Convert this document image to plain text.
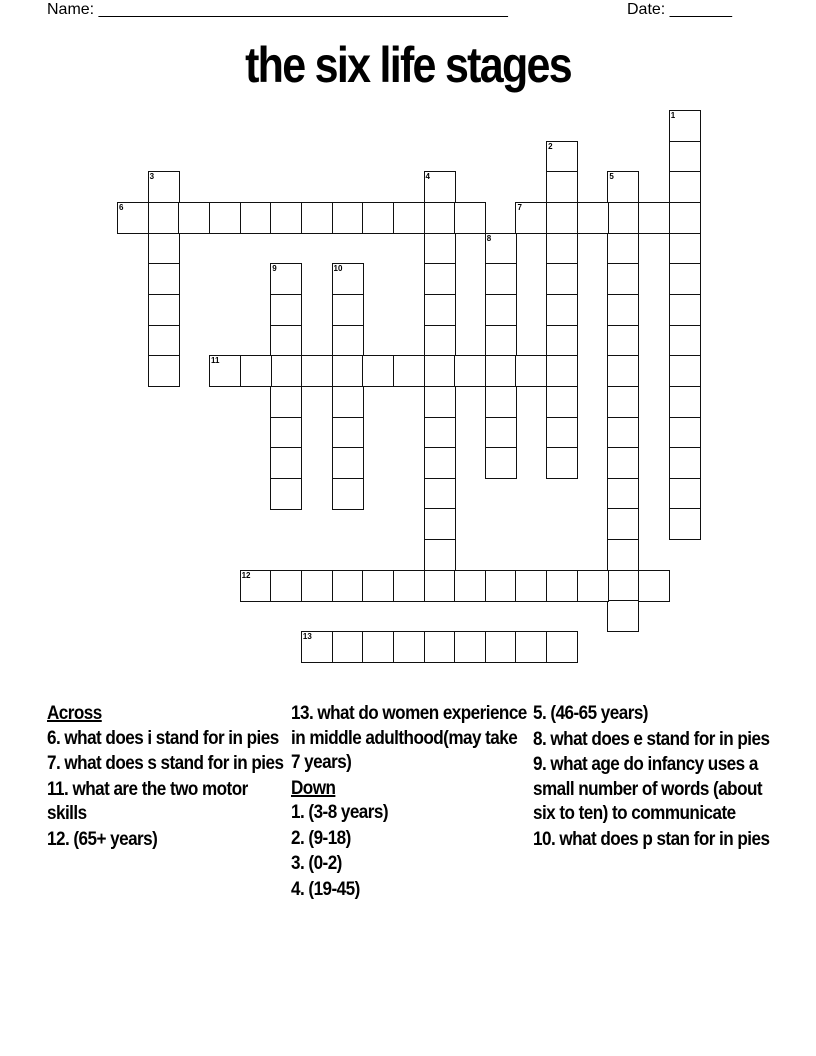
Name: ______________________________________________	Date: _______
the six life stages
1
2
3	4	5
6	7
8
9	10
11
12
13
Across
6. what does i stand for in pies
7. what does s stand for in pies
11. what are the two motor skills
12. (65+ years)
13. what do women experience in middle adulthood(may take 7 years)
Down
1. (3-8 years)
2. (9-18)
3. (0-2)
4. (19-45)
5. (46-65 years)
8. what does e stand for in pies
9. what age do infancy uses a small number of words (about six to ten) to communicate
10. what does p stan for in pies
